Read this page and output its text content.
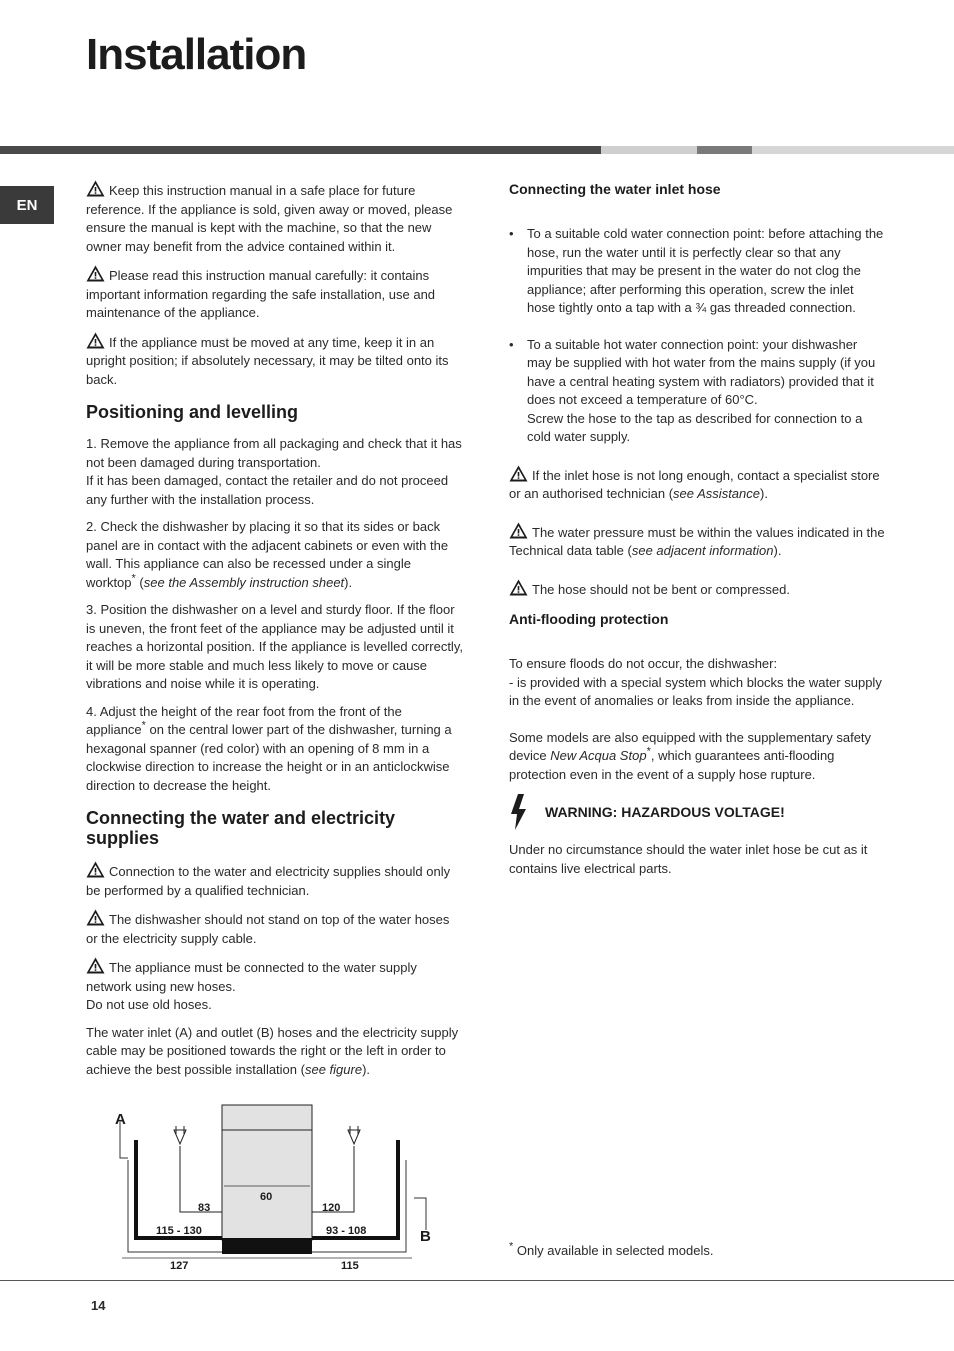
Installation
EN

Keep this instruction manual in a safe place for future reference. If the appliance is sold, given away or moved, please ensure the manual is kept with the machine, so that the new owner may benefit from the advice contained within it.

Please read this instruction manual carefully: it contains important information regarding the safe installation, use and maintenance of the appliance.

If the appliance must be moved at any time, keep it in an upright position; if absolutely necessary, it may be tilted onto its back.

Positioning and levelling

1. Remove the appliance from all packaging and check that it has not been damaged during transportation.
If it has been damaged, contact the retailer and do not proceed any further with the installation process.

2. Check the dishwasher by placing it so that its sides or back panel are in contact with the adjacent cabinets or even with the wall. This appliance can also be recessed under a single worktop* (see the Assembly instruction sheet).

3. Position the dishwasher on a level and sturdy floor. If the floor is uneven, the front feet of the appliance may be adjusted until it reaches a horizontal position. If the appliance is levelled correctly, it will be more stable and much less likely to move or cause vibrations and noise while it is operating.

4. Adjust the height of the rear foot from the front of the appliance* on the central lower part of the dishwasher, turning a hexagonal spanner (red color) with an opening of 8 mm in a clockwise direction to increase the height or in an anticlockwise direction to decrease the height.

Connecting the water and electricity supplies

Connection to the water and electricity supplies should only be performed by a qualified technician.

The dishwasher should not stand on top of the water hoses or the electricity supply cable.

The appliance must be connected to the water supply network using new hoses.
Do not use old hoses.

The water inlet (A) and outlet (B) hoses and the electricity supply cable may be positioned towards the right or the left in order to achieve the best possible installation (see figure).

Connecting the water inlet hose
• To a suitable cold water connection point: before attaching the hose, run the water until it is perfectly clear so that any impurities that may be present in the water do not clog the appliance; after performing this operation, screw the inlet hose tightly onto a tap with a ¾ gas threaded connection.
• To a suitable hot water connection point: your dishwasher may be supplied with hot water from the mains supply (if you have a central heating system with radiators) provided that it does not exceed a temperature of 60°C.
Screw the hose to the tap as described for connection to a cold water supply.

If the inlet hose is not long enough, contact a specialist store or an authorised technician (see Assistance).

The water pressure must be within the values indicated in the Technical data table (see adjacent information).

The hose should not be bent or compressed.

Anti-flooding protection

To ensure floods do not occur, the dishwasher:
- is provided with a special system which blocks the water supply in the event of anomalies or leaks from inside the appliance.

Some models are also equipped with the supplementary safety device New Acqua Stop*, which guarantees anti-flooding protection even in the event of a supply hose rupture.

WARNING: HAZARDOUS VOLTAGE!

Under no circumstance should the water inlet hose be cut as it contains live electrical parts.

A
B
83
60
120
115 - 130	93 - 108
127	115
* Only available in selected models.
14
